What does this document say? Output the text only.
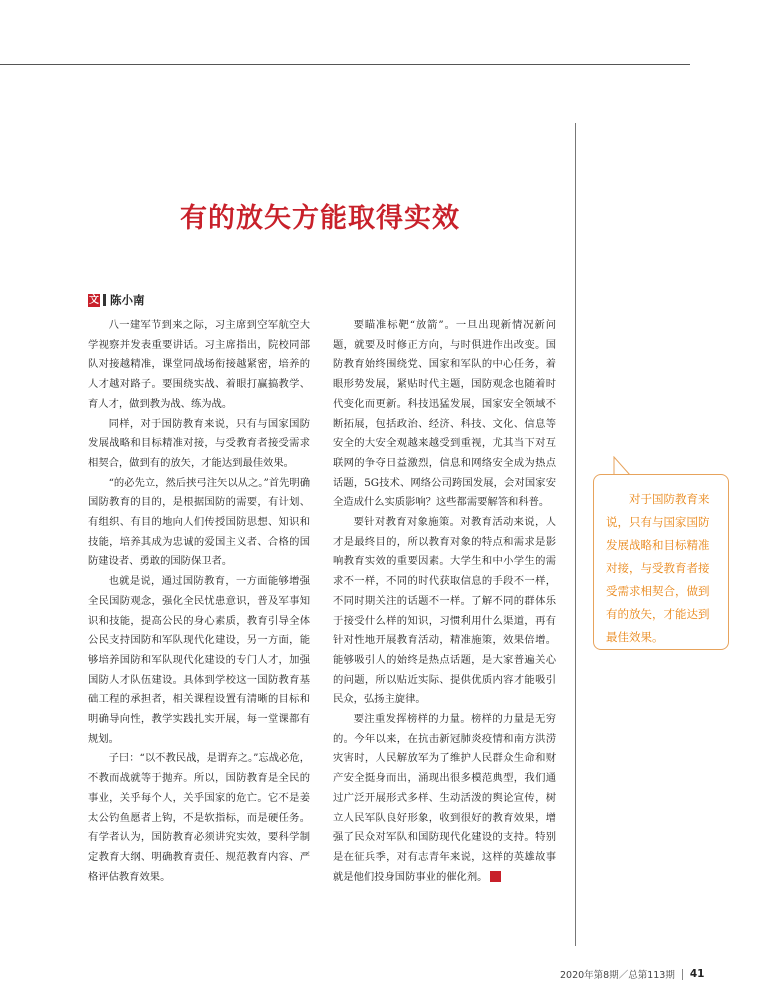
有的放矢方能取得实效
文 陈小南

八一建军节到来之际，习主席到空军航空大学视察并发表重要讲话。习主席指出，院校同部队对接越精准，课堂同战场衔接越紧密，培养的人才越对路子。要围绕实战、着眼打赢搞教学、育人才，做到教为战、练为战。

同样，对于国防教育来说，只有与国家国防发展战略和目标精准对接，与受教育者接受需求相契合，做到有的放矢，才能达到最佳效果。

“的必先立，然后挟弓注矢以从之。”首先明确国防教育的目的，是根据国防的需要，有计划、有组织、有目的地向人们传授国防思想、知识和技能，培养其成为忠诚的爱国主义者、合格的国防建设者、勇敢的国防保卫者。

也就是说，通过国防教育，一方面能够增强全民国防观念，强化全民忧患意识，普及军事知识和技能，提高公民的身心素质，教育引导全体公民支持国防和军队现代化建设，另一方面，能够培养国防和军队现代化建设的专门人才，加强国防人才队伍建设。具体到学校这一国防教育基础工程的承担者，相关课程设置有清晰的目标和明确导向性，教学实践扎实开展，每一堂课都有规划。

子曰：“以不教民战，是谓弃之。”忘战必危，不教而战就等于抛弃。所以，国防教育是全民的事业，关乎每个人，关乎国家的危亡。它不是姜太公钓鱼愿者上钩，不是软指标，而是硬任务。有学者认为，国防教育必须讲究实效，要科学制定教育大纲、明确教育责任、规范教育内容、严格评估教育效果。

要瞄准标靶“放箭”。一旦出现新情况新问题，就要及时修正方向，与时俱进作出改变。国防教育始终围绕党、国家和军队的中心任务，着眼形势发展，紧贴时代主题，国防观念也随着时代变化而更新。科技迅猛发展，国家安全领域不断拓展，包括政治、经济、科技、文化、信息等安全的大安全观越来越受到重视，尤其当下对互联网的争夺日益激烈，信息和网络安全成为热点话题，5G技术、网络公司跨国发展，会对国家安全造成什么实质影响？这些都需要解答和科普。

要针对教育对象施策。对教育活动来说，人才是最终目的，所以教育对象的特点和需求是影响教育实效的重要因素。大学生和中小学生的需求不一样，不同的时代获取信息的手段不一样，不同时期关注的话题不一样。了解不同的群体乐于接受什么样的知识，习惯利用什么渠道，再有针对性地开展教育活动，精准施策，效果倍增。能够吸引人的始终是热点话题，是大家普遍关心的问题，所以贴近实际、提供优质内容才能吸引民众，弘扬主旋律。

要注重发挥榜样的力量。榜样的力量是无穷的。今年以来，在抗击新冠肺炎疫情和南方洪涝灾害时，人民解放军为了维护人民群众生命和财产安全挺身而出，涌现出很多模范典型，我们通过广泛开展形式多样、生动活泼的舆论宣传，树立人民军队良好形象，收到很好的教育效果，增强了民众对军队和国防现代化建设的支持。特别是在征兵季，对有志青年来说，这样的英雄故事就是他们投身国防事业的催化剂。	G

对于国防教育来说，只有与国家国防发展战略和目标精准对接，与受教育者接受需求相契合，做到有的放矢，才能达到最佳效果。

2020年第8期／总第113期 41
